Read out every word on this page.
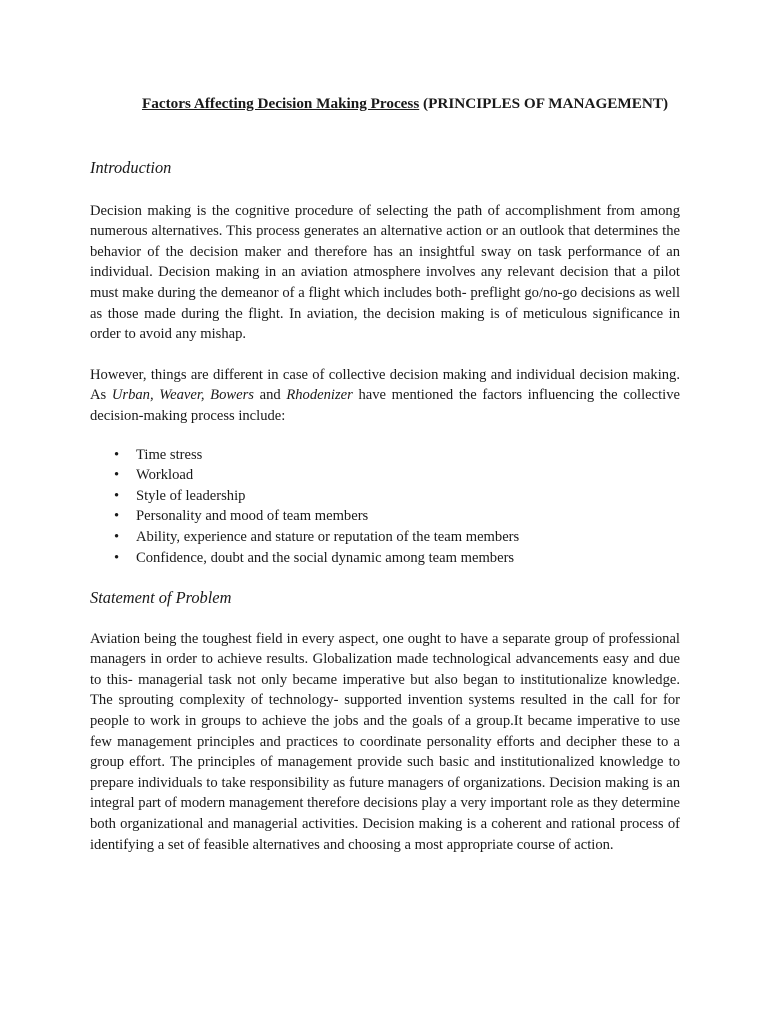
Factors Affecting Decision Making Process (PRINCIPLES OF MANAGEMENT)
Introduction

Decision making is the cognitive procedure of selecting the path of accomplishment from among numerous alternatives. This process generates an alternative action or an outlook that determines the behavior of the decision maker and therefore has an insightful sway on task performance of an individual. Decision making in an aviation atmosphere involves any relevant decision that a pilot must make during the demeanor of a flight which includes both- preflight go/no-go decisions as well as those made during the flight. In aviation, the decision making is of meticulous significance in order to avoid any mishap.

However, things are different in case of collective decision making and individual decision making. As Urban, Weaver, Bowers and Rhodenizer have mentioned the factors influencing the collective decision-making process include:

• Time stress
• Workload
• Style of leadership
• Personality and mood of team members
• Ability, experience and stature or reputation of the team members
• Confidence, doubt and the social dynamic among team members
Statement of Problem

Aviation being the toughest field in every aspect, one ought to have a separate group of professional managers in order to achieve results. Globalization made technological advancements easy and due to this- managerial task not only became imperative but also began to institutionalize knowledge. The sprouting complexity of technology- supported invention systems resulted in the call for for people to work in groups to achieve the jobs and the goals of a group.It became imperative to use few management principles and practices to coordinate personality efforts and decipher these to a group effort. The principles of management provide such basic and institutionalized knowledge to prepare individuals to take responsibility as future managers of organizations. Decision making is an integral part of modern management therefore decisions play a very important role as they determine both organizational and managerial activities. Decision making is a coherent and rational process of identifying a set of feasible alternatives and choosing a most appropriate course of action.
